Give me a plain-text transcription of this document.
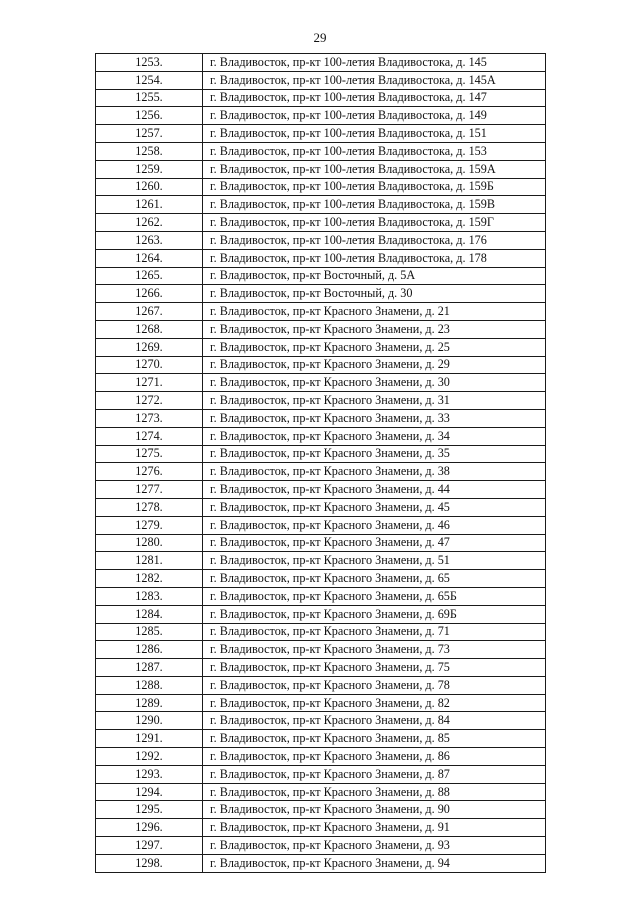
29
1253.	г. Владивосток, пр-кт 100-летия Владивостока, д. 145
1254.	г. Владивосток, пр-кт 100-летия Владивостока, д. 145А
1255.	г. Владивосток, пр-кт 100-летия Владивостока, д. 147
1256.	г. Владивосток, пр-кт 100-летия Владивостока, д. 149
1257.	г. Владивосток, пр-кт 100-летия Владивостока, д. 151
1258.	г. Владивосток, пр-кт 100-летия Владивостока, д. 153
1259.	г. Владивосток, пр-кт 100-летия Владивостока, д. 159А
1260.	г. Владивосток, пр-кт 100-летия Владивостока, д. 159Б
1261.	г. Владивосток, пр-кт 100-летия Владивостока, д. 159В
1262.	г. Владивосток, пр-кт 100-летия Владивостока, д. 159Г
1263.	г. Владивосток, пр-кт 100-летия Владивостока, д. 176
1264.	г. Владивосток, пр-кт 100-летия Владивостока, д. 178
1265.	г. Владивосток, пр-кт Восточный, д. 5А
1266.	г. Владивосток, пр-кт Восточный, д. 30
1267.	г. Владивосток, пр-кт Красного Знамени, д. 21
1268.	г. Владивосток, пр-кт Красного Знамени, д. 23
1269.	г. Владивосток, пр-кт Красного Знамени, д. 25
1270.	г. Владивосток, пр-кт Красного Знамени, д. 29
1271.	г. Владивосток, пр-кт Красного Знамени, д. 30
1272.	г. Владивосток, пр-кт Красного Знамени, д. 31
1273.	г. Владивосток, пр-кт Красного Знамени, д. 33
1274.	г. Владивосток, пр-кт Красного Знамени, д. 34
1275.	г. Владивосток, пр-кт Красного Знамени, д. 35
1276.	г. Владивосток, пр-кт Красного Знамени, д. 38
1277.	г. Владивосток, пр-кт Красного Знамени, д. 44
1278.	г. Владивосток, пр-кт Красного Знамени, д. 45
1279.	г. Владивосток, пр-кт Красного Знамени, д. 46
1280.	г. Владивосток, пр-кт Красного Знамени, д. 47
1281.	г. Владивосток, пр-кт Красного Знамени, д. 51
1282.	г. Владивосток, пр-кт Красного Знамени, д. 65
1283.	г. Владивосток, пр-кт Красного Знамени, д. 65Б
1284.	г. Владивосток, пр-кт Красного Знамени, д. 69Б
1285.	г. Владивосток, пр-кт Красного Знамени, д. 71
1286.	г. Владивосток, пр-кт Красного Знамени, д. 73
1287.	г. Владивосток, пр-кт Красного Знамени, д. 75
1288.	г. Владивосток, пр-кт Красного Знамени, д. 78
1289.	г. Владивосток, пр-кт Красного Знамени, д. 82
1290.	г. Владивосток, пр-кт Красного Знамени, д. 84
1291.	г. Владивосток, пр-кт Красного Знамени, д. 85
1292.	г. Владивосток, пр-кт Красного Знамени, д. 86
1293.	г. Владивосток, пр-кт Красного Знамени, д. 87
1294.	г. Владивосток, пр-кт Красного Знамени, д. 88
1295.	г. Владивосток, пр-кт Красного Знамени, д. 90
1296.	г. Владивосток, пр-кт Красного Знамени, д. 91
1297.	г. Владивосток, пр-кт Красного Знамени, д. 93
1298.	г. Владивосток, пр-кт Красного Знамени, д. 94
